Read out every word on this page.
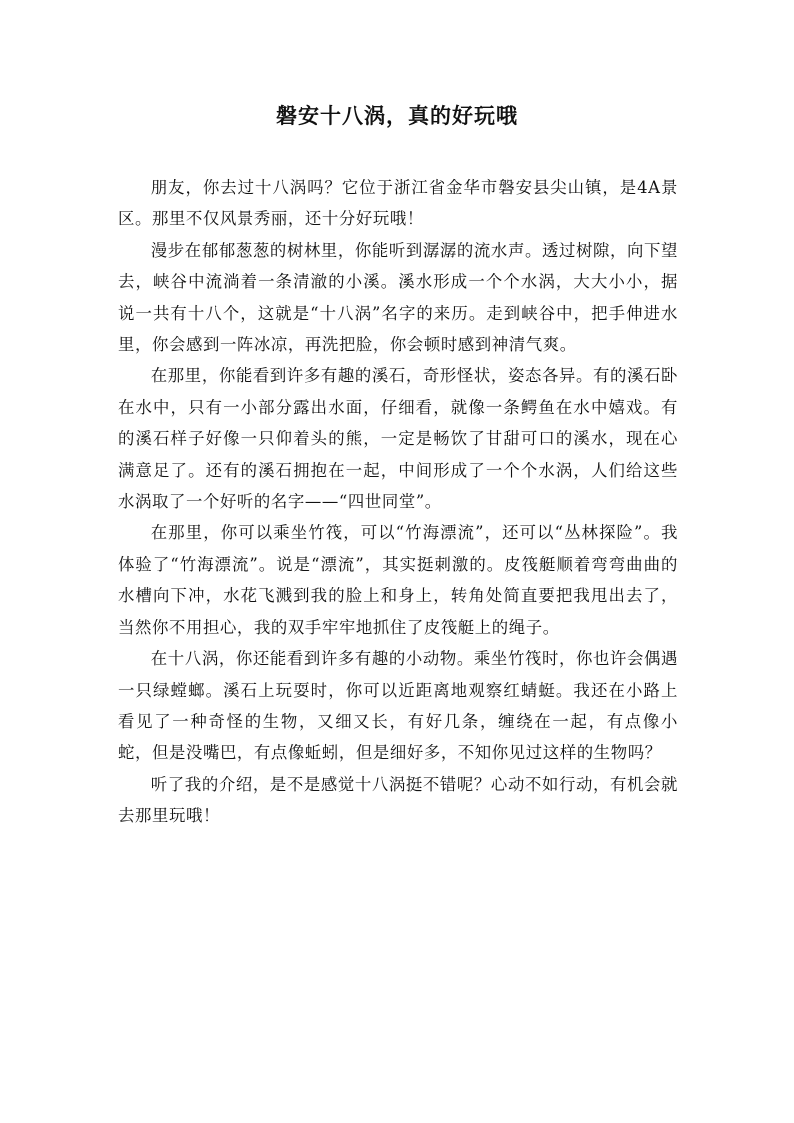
磐安十八涡，真的好玩哦

朋友，你去过十八涡吗？它位于浙江省金华市磐安县尖山镇，是4A景区。那里不仅风景秀丽，还十分好玩哦！

漫步在郁郁葱葱的树林里，你能听到潺潺的流水声。透过树隙，向下望去，峡谷中流淌着一条清澈的小溪。溪水形成一个个水涡，大大小小，据说一共有十八个，这就是“十八涡”名字的来历。走到峡谷中，把手伸进水里，你会感到一阵冰凉，再洗把脸，你会顿时感到神清气爽。

在那里，你能看到许多有趣的溪石，奇形怪状，姿态各异。有的溪石卧在水中，只有一小部分露出水面，仔细看，就像一条鳄鱼在水中嬉戏。有的溪石样子好像一只仰着头的熊，一定是畅饮了甘甜可口的溪水，现在心满意足了。还有的溪石拥抱在一起，中间形成了一个个水涡，人们给这些水涡取了一个好听的名字——“四世同堂”。

在那里，你可以乘坐竹筏，可以“竹海漂流”，还可以“丛林探险”。我体验了“竹海漂流”。说是“漂流”，其实挺刺激的。皮筏艇顺着弯弯曲曲的水槽向下冲，水花飞溅到我的脸上和身上，转角处简直要把我甩出去了，当然你不用担心，我的双手牢牢地抓住了皮筏艇上的绳子。

在十八涡，你还能看到许多有趣的小动物。乘坐竹筏时，你也许会偶遇一只绿螳螂。溪石上玩耍时，你可以近距离地观察红蜻蜓。我还在小路上看见了一种奇怪的生物，又细又长，有好几条，缠绕在一起，有点像小蛇，但是没嘴巴，有点像蚯蚓，但是细好多，不知你见过这样的生物吗？

听了我的介绍，是不是感觉十八涡挺不错呢？心动不如行动，有机会就去那里玩哦！
